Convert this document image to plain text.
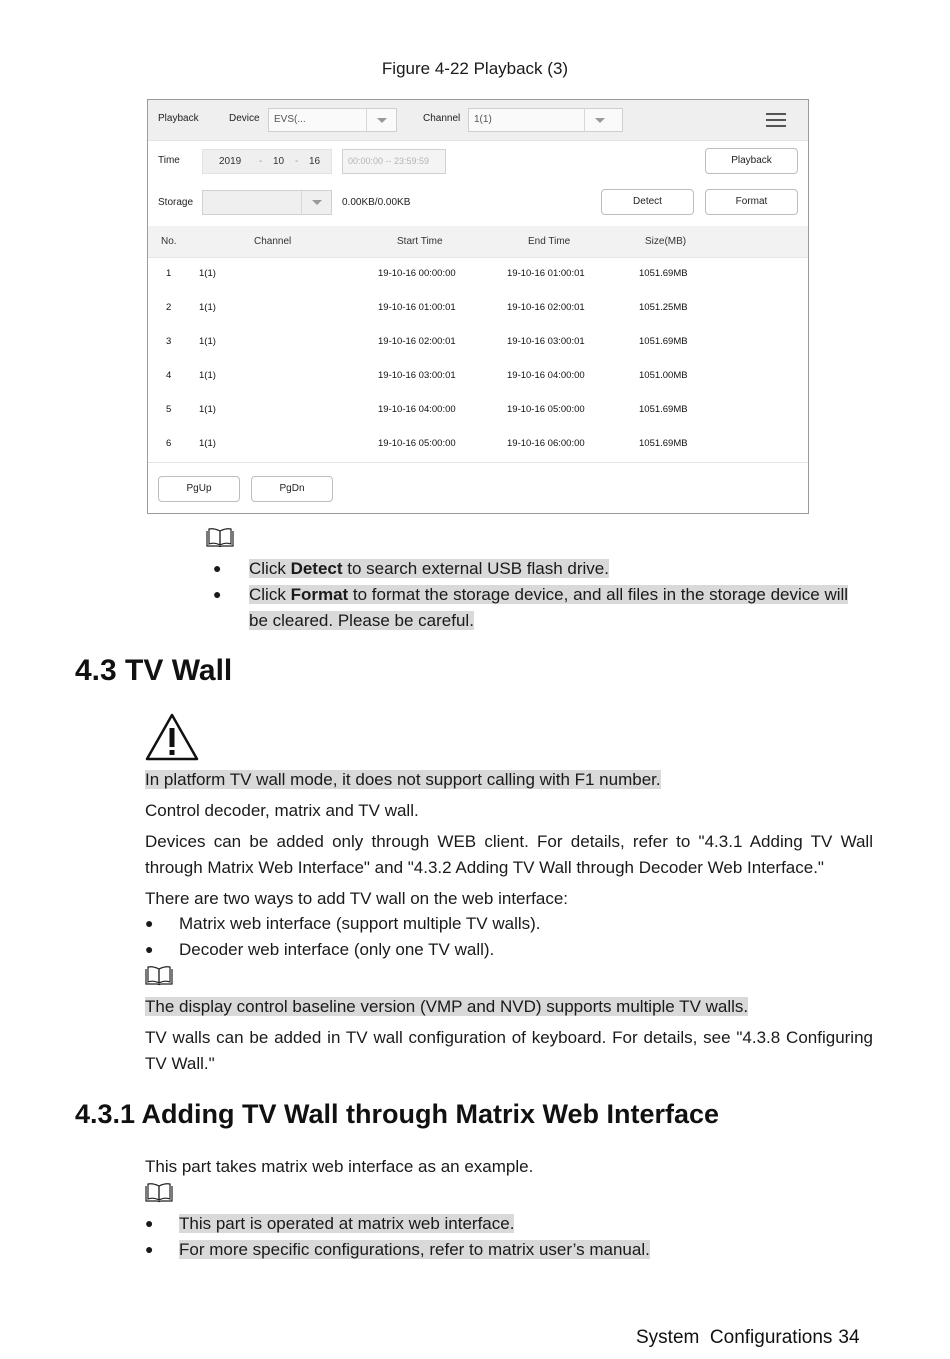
Figure 4-22 Playback (3)
Playback	Device	EVS(...	Channel	1(1)
Time	2019 - 10 - 16	00:00:00 -- 23:59:59	Playback
Storage	0.00KB/0.00KB	Detect	Format
No.	Channel	Start Time	End Time	Size(MB)
1	1(1)	19-10-16 00:00:00	19-10-16 01:00:01	1051.69MB
2	1(1)	19-10-16 01:00:01	19-10-16 02:00:01	1051.25MB
3	1(1)	19-10-16 02:00:01	19-10-16 03:00:01	1051.69MB
4	1(1)	19-10-16 03:00:01	19-10-16 04:00:00	1051.00MB
5	1(1)	19-10-16 04:00:00	19-10-16 05:00:00	1051.69MB
6	1(1)	19-10-16 05:00:00	19-10-16 06:00:00	1051.69MB
PgUp	PgDn
● Click Detect to search external USB flash drive.
● Click Format to format the storage device, and all files in the storage device will
be cleared. Please be careful.
4.3 TV Wall
In platform TV wall mode, it does not support calling with F1 number.
Control decoder, matrix and TV wall.
Devices can be added only through WEB client. For details, refer to "4.3.1 Adding TV Wall through Matrix Web Interface" and "4.3.2 Adding TV Wall through Decoder Web Interface."
There are two ways to add TV wall on the web interface:
● Matrix web interface (support multiple TV walls).
● Decoder web interface (only one TV wall).
The display control baseline version (VMP and NVD) supports multiple TV walls.
TV walls can be added in TV wall configuration of keyboard. For details, see "4.3.8 Configuring TV Wall."
4.3.1 Adding TV Wall through Matrix Web Interface
This part takes matrix web interface as an example.
● This part is operated at matrix web interface.
● For more specific configurations, refer to matrix user’s manual.
System  Configurations 34
